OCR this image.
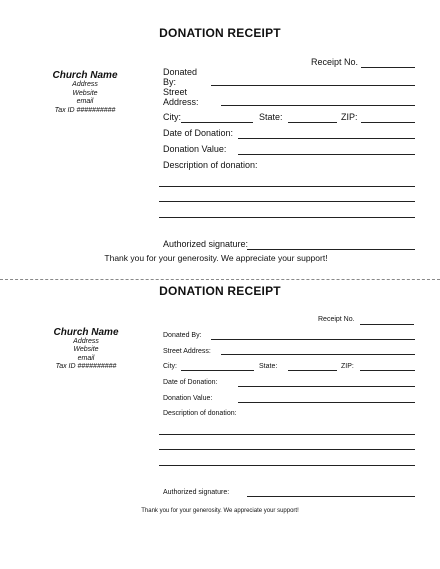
DONATION RECEIPT
Receipt No.
Church Name
Address
Website
email
Tax ID ##########
Donated
By:
Street
Address:
City:	State:	ZIP:
Date of Donation:
Donation Value:
Description of donation:
Authorized signature:
Thank you for your generosity. We appreciate your support!
DONATION RECEIPT
Receipt No.
Church Name
Address
Website
email
Tax ID ##########
Donated By:
Street Address:
City:	State:	ZIP:
Date of Donation:
Donation Value:
Description of donation:
Authorized signature:
Thank you for your generosity. We appreciate your support!
